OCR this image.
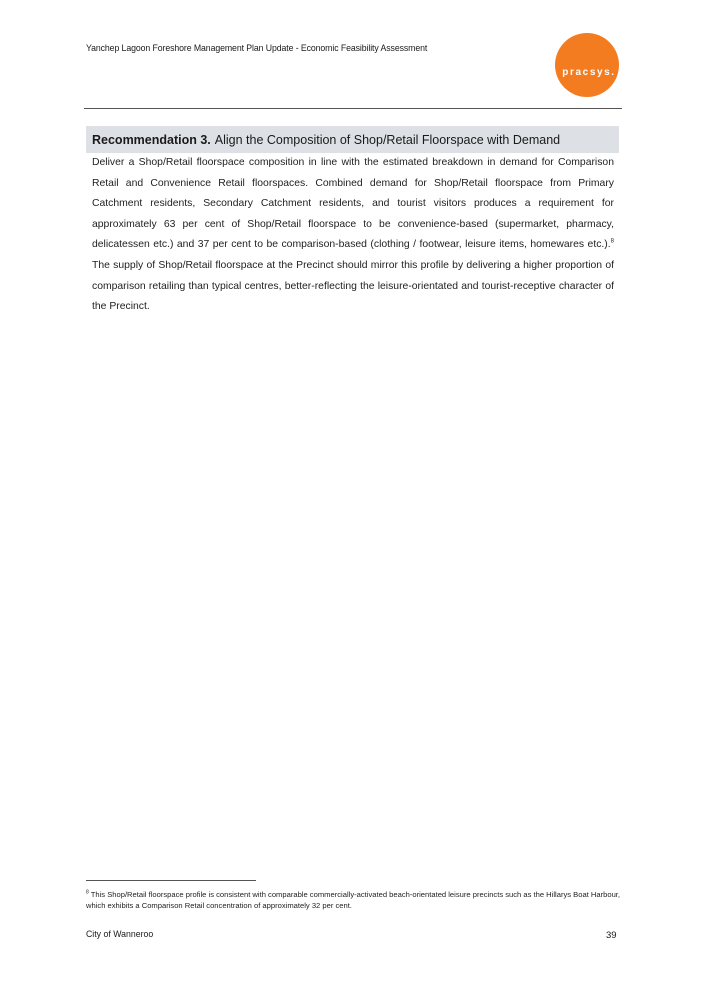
Yanchep Lagoon Foreshore Management Plan Update - Economic Feasibility Assessment
pracsys.
Recommendation 3. Align the Composition of Shop/Retail Floorspace with Demand

Deliver a Shop/Retail floorspace composition in line with the estimated breakdown in demand for Comparison Retail and Convenience Retail floorspaces. Combined demand for Shop/Retail floorspace from Primary Catchment residents, Secondary Catchment residents, and tourist visitors produces a requirement for approximately 63 per cent of Shop/Retail floorspace to be convenience-based (supermarket, pharmacy, delicatessen etc.) and 37 per cent to be comparison-based (clothing / footwear, leisure items, homewares etc.).$^8$ The supply of Shop/Retail floorspace at the Precinct should mirror this profile by delivering a higher proportion of comparison retailing than typical centres, better-reflecting the leisure-orientated and tourist-receptive character of the Precinct.

$^8$ This Shop/Retail floorspace profile is consistent with comparable commercially-activated beach-orientated leisure precincts such as the Hillarys Boat Harbour, which exhibits a Comparison Retail concentration of approximately 32 per cent.
City of Wanneroo	39
